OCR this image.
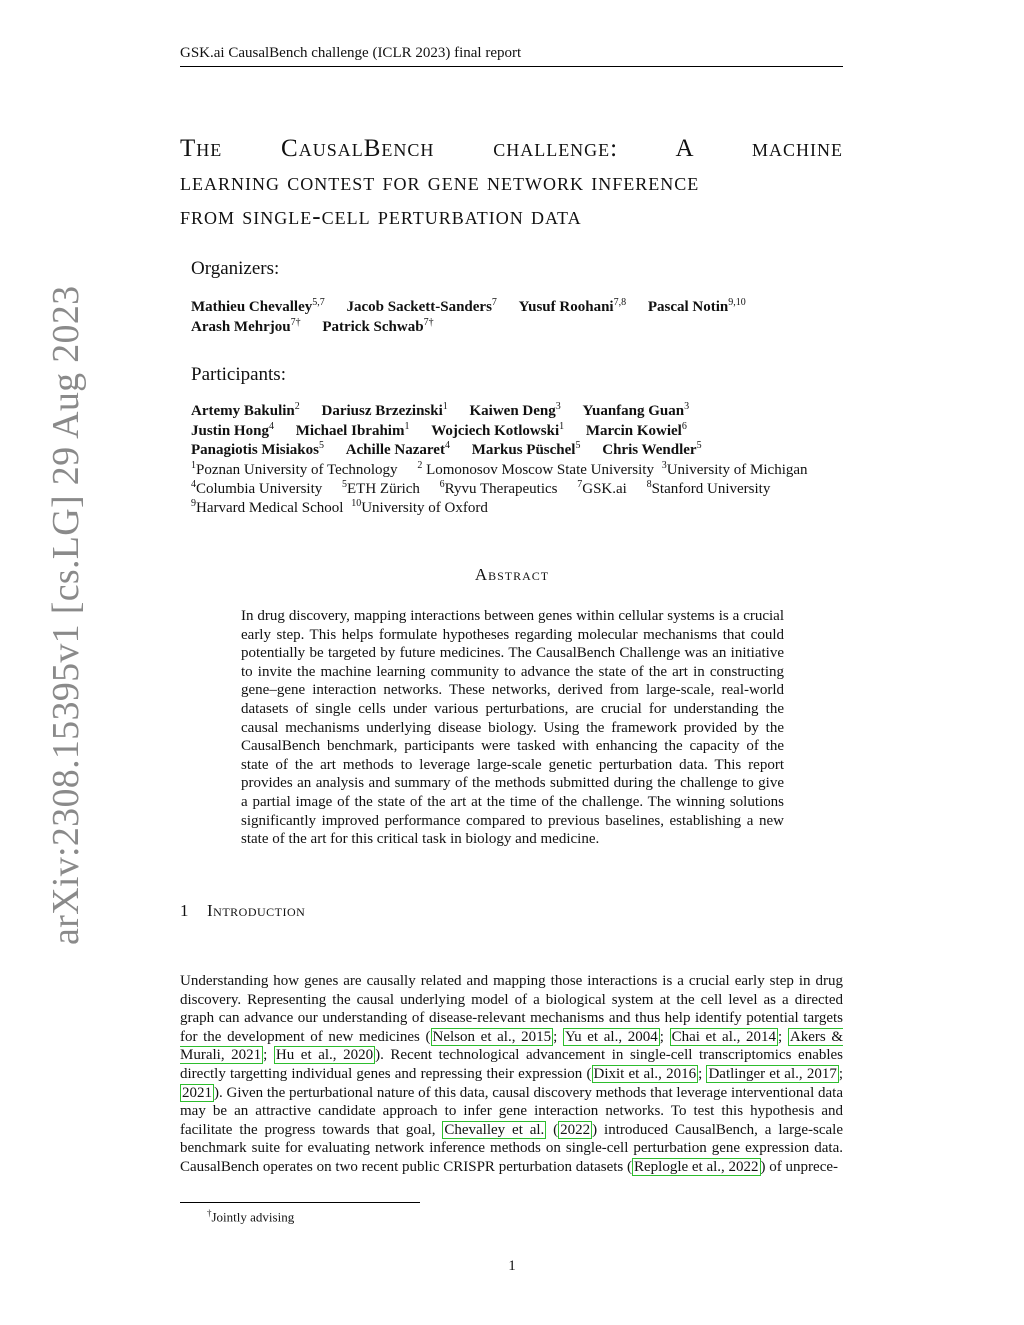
GSK.ai CausalBench challenge (ICLR 2023) final report
arXiv:2308.15395v1 [cs.LG] 29 Aug 2023
The CausalBench challenge: A machine
learning contest for gene network inference
from single-cell perturbation data
Organizers:
Mathieu Chevalley$^{5,7}$ Jacob Sackett-Sanders$^7$ Yusuf Roohani$^{7,8}$ Pascal Notin$^{9,10}$
Arash Mehrjou$^{7\dagger}$ Patrick Schwab$^{7\dagger}$
Participants:
Artemy Bakulin$^2$ Dariusz Brzezinski$^1$ Kaiwen Deng$^3$ Yuanfang Guan$^3$
Justin Hong$^4$ Michael Ibrahim$^1$ Wojciech Kotlowski$^1$ Marcin Kowiel$^6$
Panagiotis Misiakos$^5$ Achille Nazaret$^4$ Markus Püschel$^5$ Chris Wendler$^5$
$^1$Poznan University of Technology $^2$ Lomonosov Moscow State University $^3$University of Michigan
$^4$Columbia University $^5$ETH Zürich $^6$Ryvu Therapeutics $^7$GSK.ai $^8$Stanford University
$^9$Harvard Medical School $^{10}$University of Oxford
Abstract
In drug discovery, mapping interactions between genes within cellular systems is a crucial early step. This helps formulate hypotheses regarding molecular mechanisms that could potentially be targeted by future medicines. The CausalBench Challenge was an initiative to invite the machine learning community to advance the state of the art in constructing gene–gene interaction networks. These networks, derived from large-scale, real-world datasets of single cells under various perturbations, are crucial for understanding the causal mechanisms underlying disease biology. Using the framework provided by the CausalBench benchmark, participants were tasked with enhancing the capacity of the state of the art methods to leverage large-scale genetic perturbation data. This report provides an analysis and summary of the methods submitted during the challenge to give a partial image of the state of the art at the time of the challenge. The winning solutions significantly improved performance compared to previous baselines, establishing a new state of the art for this critical task in biology and medicine.
1 Introduction
Understanding how genes are causally related and mapping those interactions is a crucial early step in drug discovery. Representing the causal underlying model of a biological system at the cell level as a directed graph can advance our understanding of disease-relevant mechanisms and thus help identify potential targets for the development of new medicines ( Nelson et al., 2015 ; Yu et al., 2004 ; Chai et al., 2014 ; Akers & Murali, 2021 ; Hu et al., 2020 ). Recent technological advancement in single-cell transcriptomics enables directly targetting individual genes and repressing their expression ( Dixit et al., 2016 ; Datlinger et al., 2017 ; 2021 ). Given the perturbational nature of this data, causal discovery methods that leverage interventional data may be an attractive candidate approach to infer gene interaction networks. To test this hypothesis and facilitate the progress towards that goal, Chevalley et al. ( 2022 ) introduced CausalBench, a large-scale benchmark suite for evaluating network inference methods on single-cell perturbation gene expression data. CausalBench operates on two recent public CRISPR perturbation datasets ( Replogle et al., 2022 ) of unprece-
†Jointly advising
1
